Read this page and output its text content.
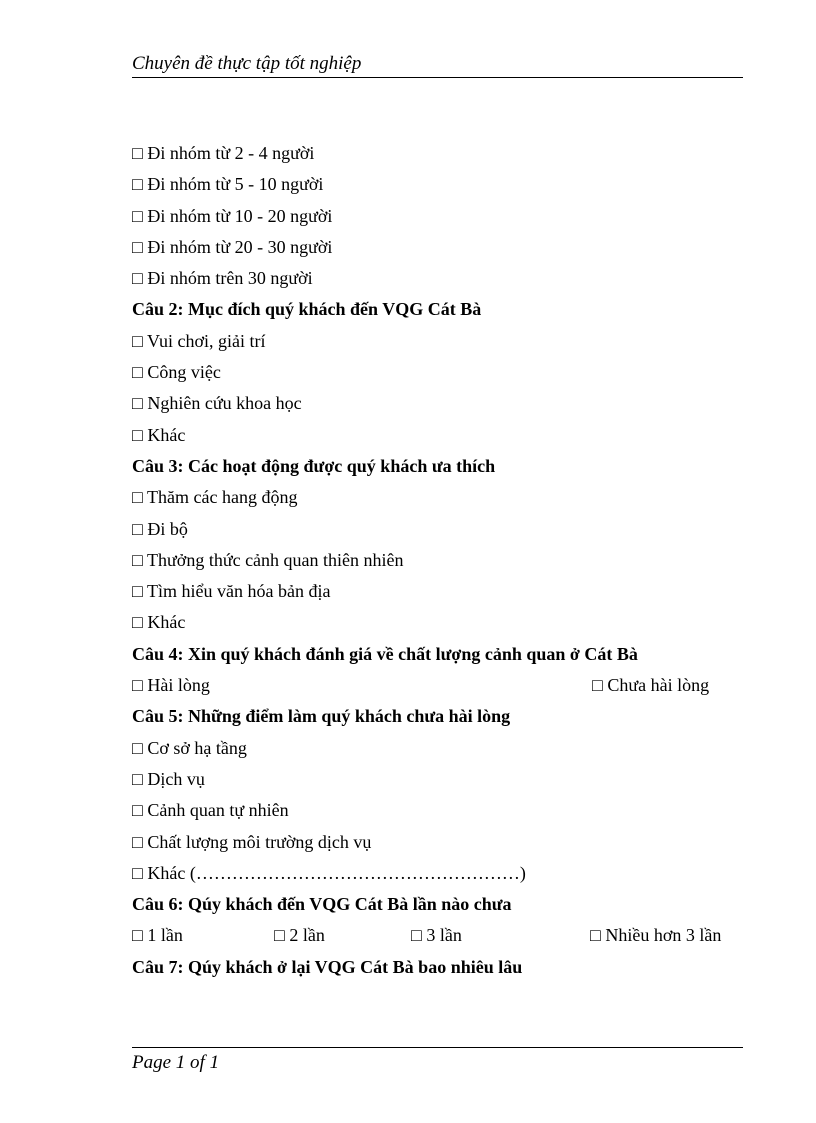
Chuyên đề thực tập tốt nghiệp
□ Đi nhóm từ 2 - 4 người
□ Đi nhóm từ 5 - 10 người
□ Đi nhóm từ 10 - 20 người
□ Đi nhóm từ 20 - 30 người
□ Đi nhóm trên 30 người
Câu 2: Mục đích quý khách đến VQG Cát Bà
□ Vui chơi, giải trí
□ Công việc
□ Nghiên cứu khoa học
□ Khác
Câu 3: Các hoạt động được quý khách ưa thích
□ Thăm các hang động
□ Đi bộ
□ Thưởng thức cảnh quan thiên nhiên
□ Tìm hiểu văn hóa bản địa
□ Khác
Câu 4: Xin quý khách đánh giá về chất lượng cảnh quan ở Cát Bà
□ Hài lòng	□ Chưa hài lòng
Câu 5: Những điểm làm quý khách chưa hài lòng
□ Cơ sở hạ tầng
□ Dịch vụ
□ Cảnh quan tự nhiên
□ Chất lượng môi trường dịch vụ
□ Khác (………………………………………………)
Câu 6: Qúy khách đến VQG Cát Bà lần nào chưa
□ 1 lần	□ 2 lần	□ 3 lần	□ Nhiều hơn 3 lần
Câu 7: Qúy khách ở lại VQG Cát Bà bao nhiêu lâu
Page 1 of 1
